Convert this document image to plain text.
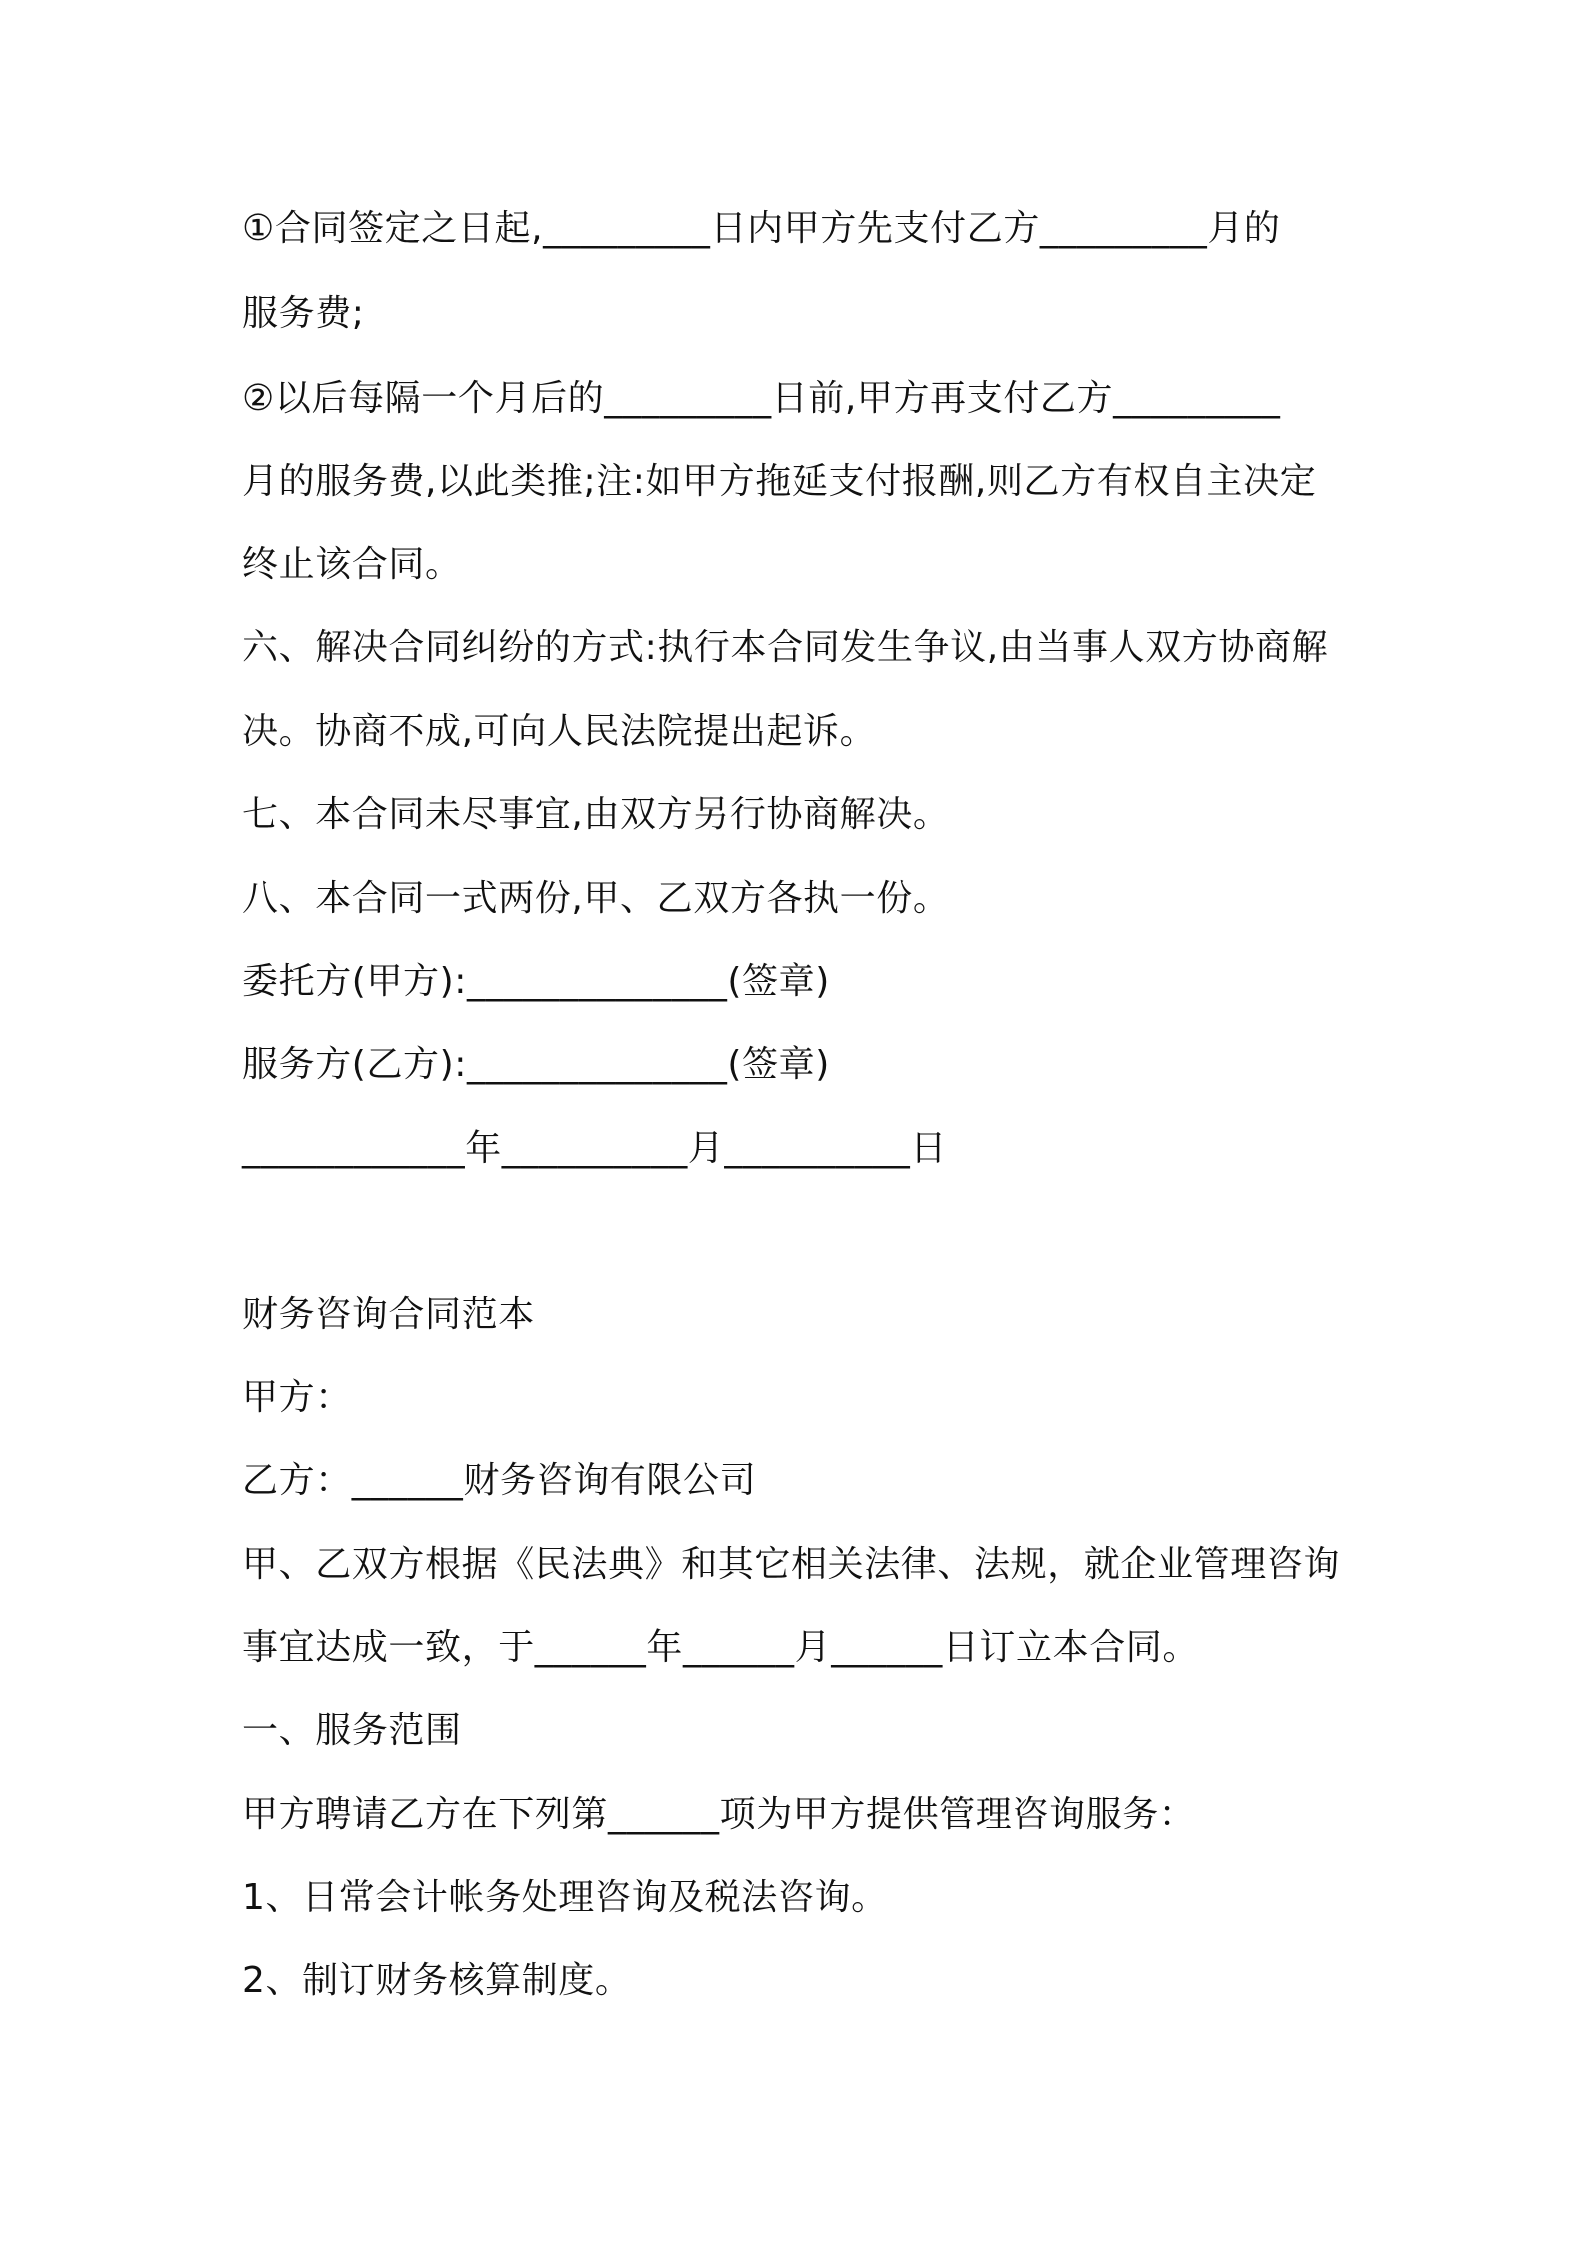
①合同签定之日起,_________日内甲方先支付乙方_________月的

服务费;

②以后每隔一个月后的_________日前,甲方再支付乙方_________

月的服务费,以此类推;注:如甲方拖延支付报酬,则乙方有权自主决定

终止该合同。

六、解决合同纠纷的方式:执行本合同发生争议,由当事人双方协商解

决。协商不成,可向人民法院提出起诉。

七、本合同未尽事宜,由双方另行协商解决。

八、本合同一式两份,甲、乙双方各执一份。

委托方(甲方):______________(签章)

服务方(乙方):______________(签章)

____________年__________月__________日

财务咨询合同范本

甲方：

乙方：______财务咨询有限公司

甲、乙双方根据《民法典》和其它相关法律、法规，就企业管理咨询

事宜达成一致，于______年______月______日订立本合同。

一、服务范围

甲方聘请乙方在下列第______项为甲方提供管理咨询服务：

1、日常会计帐务处理咨询及税法咨询。

2、制订财务核算制度。
